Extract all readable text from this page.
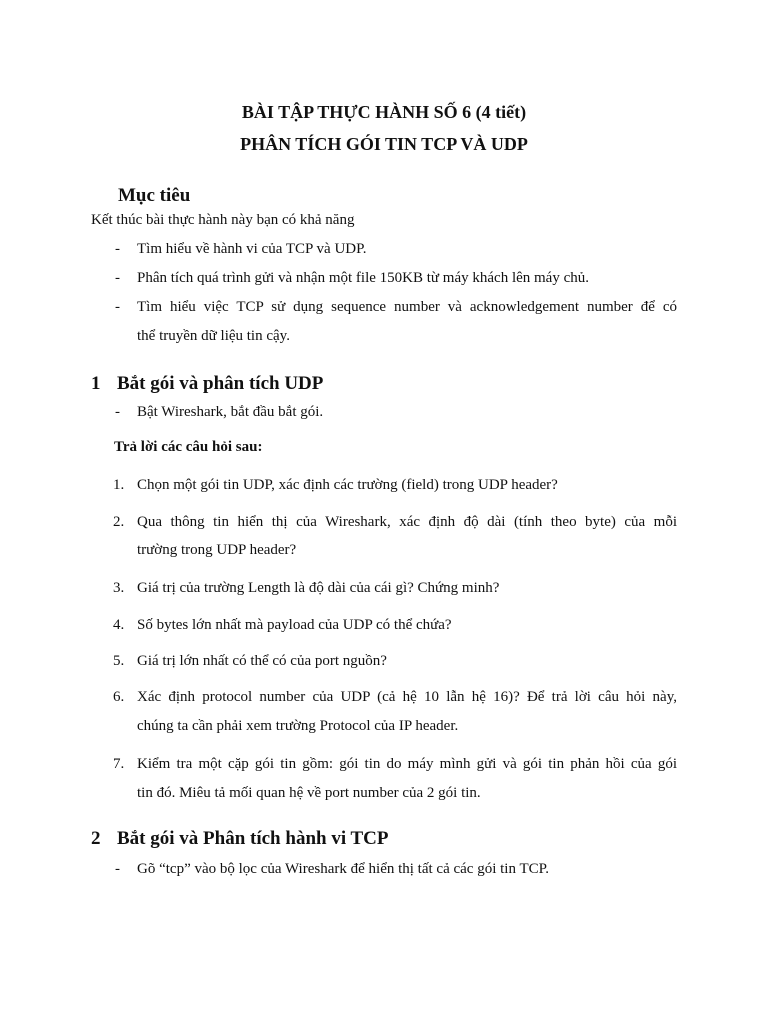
BÀI TẬP THỰC HÀNH SỐ 6 (4 tiết)
PHÂN TÍCH GÓI TIN TCP VÀ UDP
Mục tiêu
Kết thúc bài thực hành này bạn có khả năng
- Tìm hiểu về hành vi của TCP và UDP.
- Phân tích quá trình gửi và nhận một file 150KB từ máy khách lên máy chủ.
- Tìm hiểu việc TCP sử dụng sequence number và acknowledgement number để có
thể truyền dữ liệu tin cậy.
1 Bắt gói và phân tích UDP
- Bật Wireshark, bắt đầu bắt gói.
Trả lời các câu hỏi sau:
1. Chọn một gói tin UDP, xác định các trường (field) trong UDP header?
2. Qua thông tin hiển thị của Wireshark, xác định độ dài (tính theo byte) của mỗi
trường trong UDP header?
3. Giá trị của trường Length là độ dài của cái gì? Chứng minh?
4. Số bytes lớn nhất mà payload của UDP có thể chứa?
5. Giá trị lớn nhất có thể có của port nguồn?
6. Xác định protocol number của UDP (cả hệ 10 lẫn hệ 16)? Để trả lời câu hỏi này,
chúng ta cần phải xem trường Protocol của IP header.
7. Kiểm tra một cặp gói tin gồm: gói tin do máy mình gửi và gói tin phản hồi của gói
tin đó. Miêu tả mối quan hệ về port number của 2 gói tin.
2 Bắt gói và Phân tích hành vi TCP
- Gõ “tcp” vào bộ lọc của Wireshark để hiển thị tất cả các gói tin TCP.
